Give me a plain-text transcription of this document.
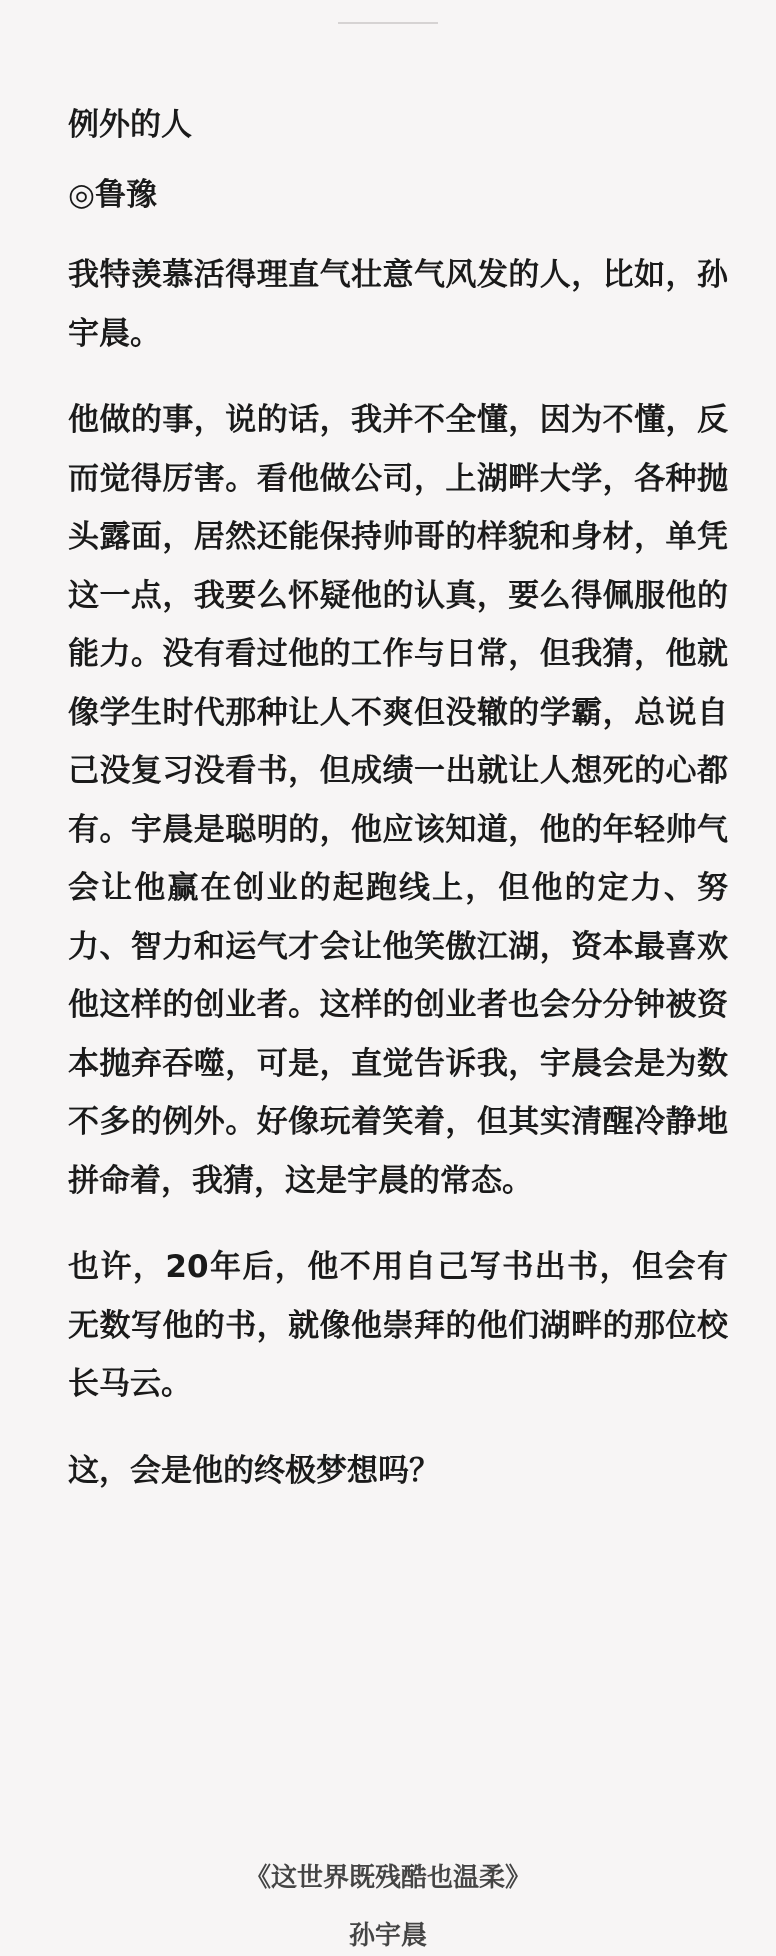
例外的人

◎鲁豫

我特羡慕活得理直气壮意气风发的人，比如，孙宇晨。

他做的事，说的话，我并不全懂，因为不懂，反而觉得厉害。看他做公司，上湖畔大学，各种抛头露面，居然还能保持帅哥的样貌和身材，单凭这一点，我要么怀疑他的认真，要么得佩服他的能力。没有看过他的工作与日常，但我猜，他就像学生时代那种让人不爽但没辙的学霸，总说自己没复习没看书，但成绩一出就让人想死的心都有。宇晨是聪明的，他应该知道，他的年轻帅气会让他赢在创业的起跑线上，但他的定力、努力、智力和运气才会让他笑傲江湖，资本最喜欢他这样的创业者。这样的创业者也会分分钟被资本抛弃吞噬，可是，直觉告诉我，宇晨会是为数不多的例外。好像玩着笑着，但其实清醒冷静地拼命着，我猜，这是宇晨的常态。

也许，20年后，他不用自己写书出书，但会有无数写他的书，就像他崇拜的他们湖畔的那位校长马云。

这，会是他的终极梦想吗？

《这世界既残酷也温柔》
孙宇晨
